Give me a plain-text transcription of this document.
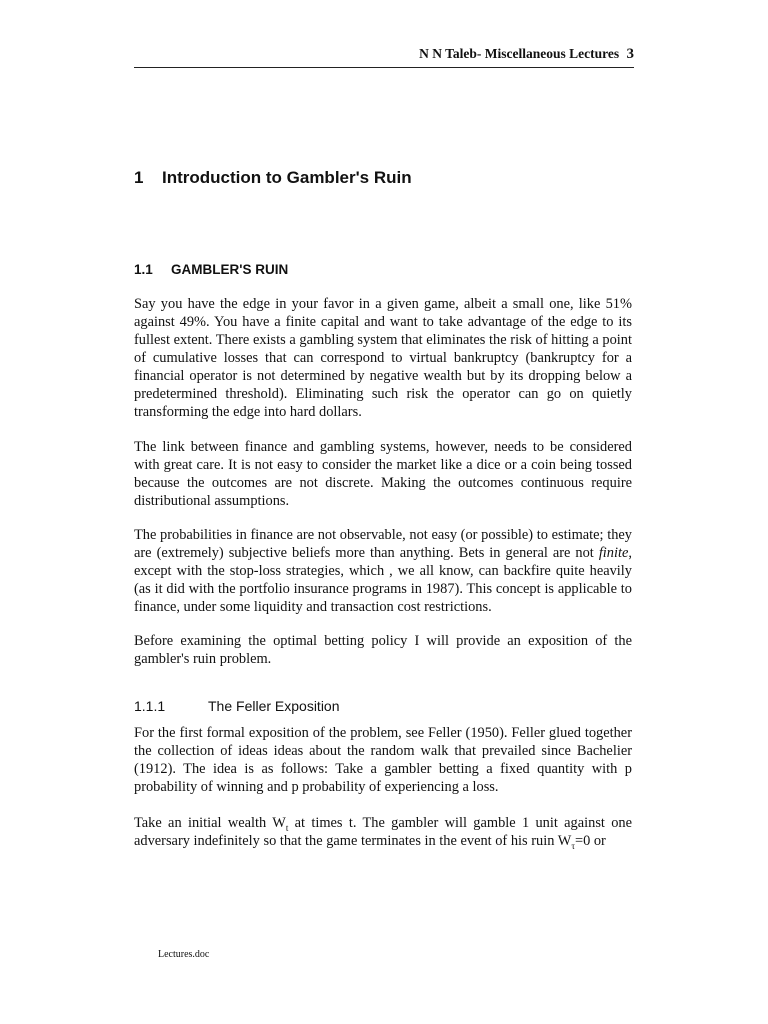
N N Taleb- Miscellaneous Lectures 3
1 Introduction to Gambler's Ruin
1.1 GAMBLER'S RUIN

Say you have the edge in your favor in a given game, albeit a small one, like 51% against 49%. You have a finite capital and want to take advantage of the edge to its fullest extent. There exists a gambling system that eliminates the risk of hitting a point of cumulative losses that can correspond to virtual bankruptcy (bankruptcy for a financial operator is not determined by negative wealth but by its dropping below a predetermined threshold). Eliminating such risk the operator can go on quietly transforming the edge into hard dollars.

The link between finance and gambling systems, however, needs to be considered with great care. It is not easy to consider the market like a dice or a coin being tossed because the outcomes are not discrete. Making the outcomes continuous require distributional assumptions.

The probabilities in finance are not observable, not easy (or possible) to estimate; they are (extremely) subjective beliefs more than anything. Bets in general are not finite, except with the stop-loss strategies, which , we all know, can backfire quite heavily (as it did with the portfolio insurance programs in 1987). This concept is applicable to finance, under some liquidity and transaction cost restrictions.

Before examining the optimal betting policy I will provide an exposition of the gambler's ruin problem.

1.1.1	The Feller Exposition

For the first formal exposition of the problem, see Feller (1950). Feller glued together the collection of ideas ideas about the random walk that prevailed since Bachelier (1912). The idea is as follows: Take a gambler betting a fixed quantity with p probability of winning and p probability of experiencing a loss.

Take an initial wealth $W_t$ at times t. The gambler will gamble 1 unit against one adversary indefinitely so that the game terminates in the event of his ruin $W_\tau=0$ or

Lectures.doc
